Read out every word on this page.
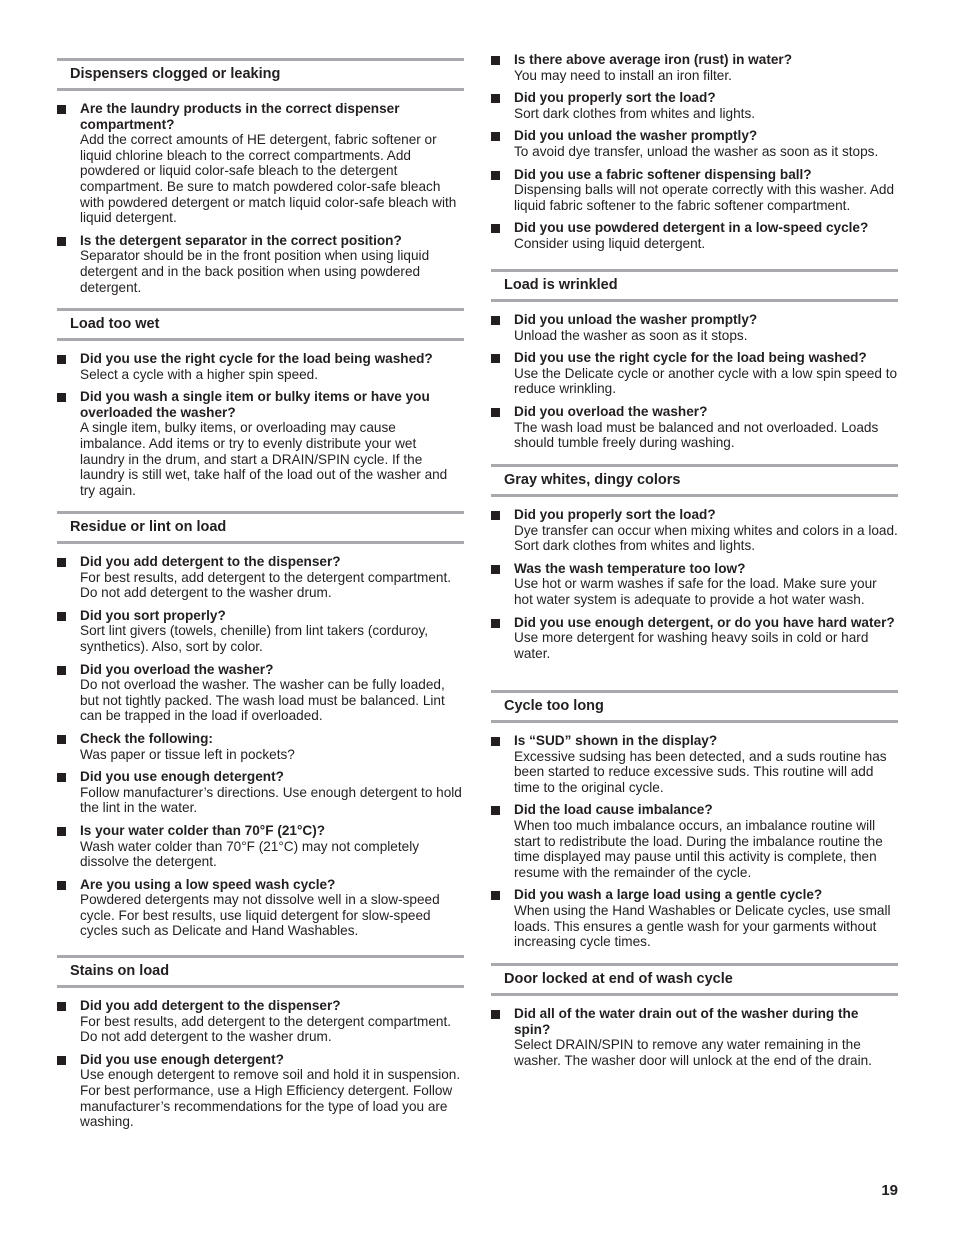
Dispensers clogged or leaking
Are the laundry products in the correct dispenser compartment?
Add the correct amounts of HE detergent, fabric softener or liquid chlorine bleach to the correct compartments. Add powdered or liquid color-safe bleach to the detergent compartment. Be sure to match powdered color-safe bleach with powdered detergent or match liquid color-safe bleach with liquid detergent.
Is the detergent separator in the correct position?
Separator should be in the front position when using liquid detergent and in the back position when using powdered detergent.
Load too wet
Did you use the right cycle for the load being washed?
Select a cycle with a higher spin speed.
Did you wash a single item or bulky items or have you overloaded the washer?
A single item, bulky items, or overloading may cause imbalance. Add items or try to evenly distribute your wet laundry in the drum, and start a DRAIN/SPIN cycle. If the laundry is still wet, take half of the load out of the washer and try again.
Residue or lint on load
Did you add detergent to the dispenser?
For best results, add detergent to the detergent compartment. Do not add detergent to the washer drum.
Did you sort properly?
Sort lint givers (towels, chenille) from lint takers (corduroy, synthetics). Also, sort by color.
Did you overload the washer?
Do not overload the washer. The washer can be fully loaded, but not tightly packed. The wash load must be balanced. Lint can be trapped in the load if overloaded.
Check the following:
Was paper or tissue left in pockets?
Did you use enough detergent?
Follow manufacturer’s directions. Use enough detergent to hold the lint in the water.
Is your water colder than 70°F (21°C)?
Wash water colder than 70°F (21°C) may not completely dissolve the detergent.
Are you using a low speed wash cycle?
Powdered detergents may not dissolve well in a slow-speed cycle. For best results, use liquid detergent for slow-speed cycles such as Delicate and Hand Washables.
Stains on load
Did you add detergent to the dispenser?
For best results, add detergent to the detergent compartment. Do not add detergent to the washer drum.
Did you use enough detergent?
Use enough detergent to remove soil and hold it in suspension. For best performance, use a High Efficiency detergent. Follow manufacturer’s recommendations for the type of load you are washing.
Is there above average iron (rust) in water?
You may need to install an iron filter.
Did you properly sort the load?
Sort dark clothes from whites and lights.
Did you unload the washer promptly?
To avoid dye transfer, unload the washer as soon as it stops.
Did you use a fabric softener dispensing ball?
Dispensing balls will not operate correctly with this washer. Add liquid fabric softener to the fabric softener compartment.
Did you use powdered detergent in a low-speed cycle?
Consider using liquid detergent.
Load is wrinkled
Did you unload the washer promptly?
Unload the washer as soon as it stops.
Did you use the right cycle for the load being washed?
Use the Delicate cycle or another cycle with a low spin speed to reduce wrinkling.
Did you overload the washer?
The wash load must be balanced and not overloaded. Loads should tumble freely during washing.
Gray whites, dingy colors
Did you properly sort the load?
Dye transfer can occur when mixing whites and colors in a load. Sort dark clothes from whites and lights.
Was the wash temperature too low?
Use hot or warm washes if safe for the load. Make sure your hot water system is adequate to provide a hot water wash.
Did you use enough detergent, or do you have hard water?
Use more detergent for washing heavy soils in cold or hard water.
Cycle too long
Is “SUD” shown in the display?
Excessive sudsing has been detected, and a suds routine has been started to reduce excessive suds. This routine will add time to the original cycle.
Did the load cause imbalance?
When too much imbalance occurs, an imbalance routine will start to redistribute the load. During the imbalance routine the time displayed may pause until this activity is complete, then resume with the remainder of the cycle.
Did you wash a large load using a gentle cycle?
When using the Hand Washables or Delicate cycles, use small loads. This ensures a gentle wash for your garments without increasing cycle times.
Door locked at end of wash cycle
Did all of the water drain out of the washer during the spin?
Select DRAIN/SPIN to remove any water remaining in the washer. The washer door will unlock at the end of the drain.
19
